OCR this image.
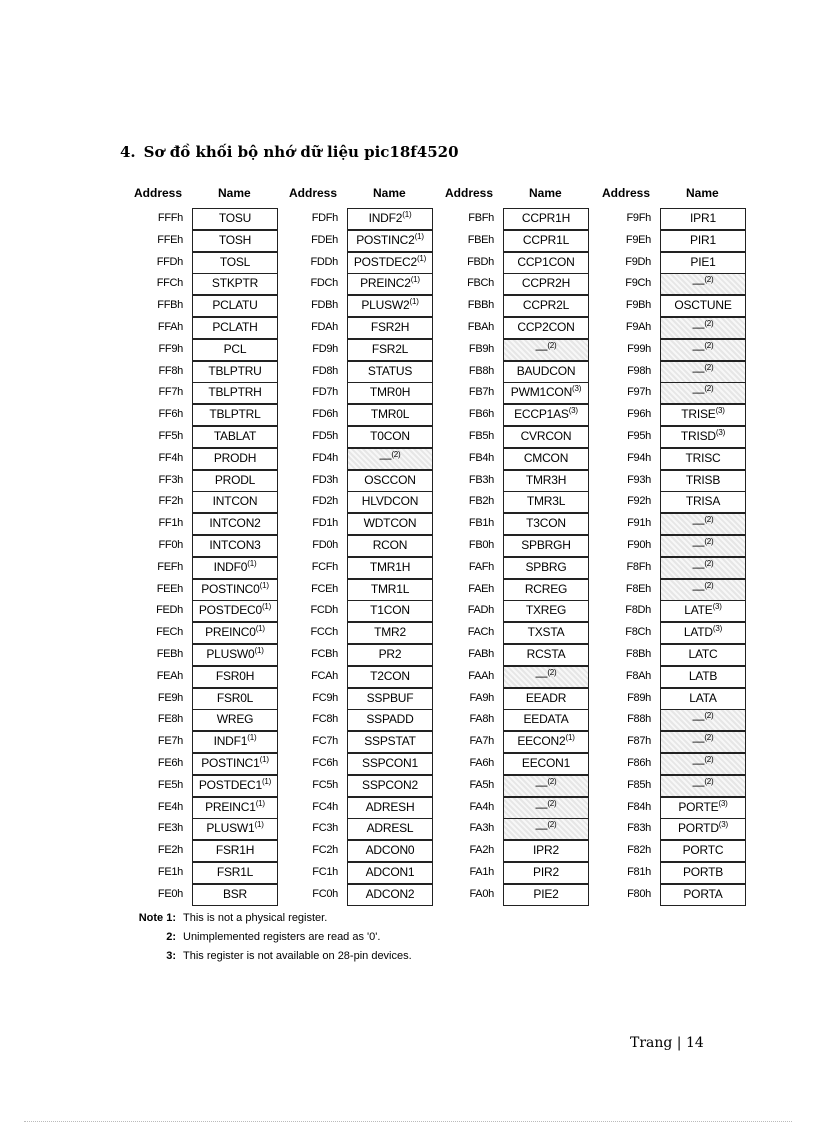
4. Sơ đồ khối bộ nhớ dữ liệu pic18f4520
Address	Name
FFFh	TOSU
FFEh	TOSH
FFDh	TOSL
FFCh	STKPTR
FFBh	PCLATU
FFAh	PCLATH
FF9h	PCL
FF8h	TBLPTRU
FF7h	TBLPTRH
FF6h	TBLPTRL
FF5h	TABLAT
FF4h	PRODH
FF3h	PRODL
FF2h	INTCON
FF1h	INTCON2
FF0h	INTCON3
FEFh	INDF0$^{(1)}$
FEEh	POSTINC0$^{(1)}$
FEDh	POSTDEC0$^{(1)}$
FECh	PREINC0$^{(1)}$
FEBh	PLUSW0$^{(1)}$
FEAh	FSR0H
FE9h	FSR0L
FE8h	WREG
FE7h	INDF1$^{(1)}$
FE6h	POSTINC1$^{(1)}$
FE5h	POSTDEC1$^{(1)}$
FE4h	PREINC1$^{(1)}$
FE3h	PLUSW1$^{(1)}$
FE2h	FSR1H
FE1h	FSR1L
FE0h	BSR
Address	Name
FDFh	INDF2$^{(1)}$
FDEh	POSTINC2$^{(1)}$
FDDh	POSTDEC2$^{(1)}$
FDCh	PREINC2$^{(1)}$
FDBh	PLUSW2$^{(1)}$
FDAh	FSR2H
FD9h	FSR2L
FD8h	STATUS
FD7h	TMR0H
FD6h	TMR0L
FD5h	T0CON
FD4h	—$^{(2)}$
FD3h	OSCCON
FD2h	HLVDCON
FD1h	WDTCON
FD0h	RCON
FCFh	TMR1H
FCEh	TMR1L
FCDh	T1CON
FCCh	TMR2
FCBh	PR2
FCAh	T2CON
FC9h	SSPBUF
FC8h	SSPADD
FC7h	SSPSTAT
FC6h	SSPCON1
FC5h	SSPCON2
FC4h	ADRESH
FC3h	ADRESL
FC2h	ADCON0
FC1h	ADCON1
FC0h	ADCON2
Address	Name
FBFh	CCPR1H
FBEh	CCPR1L
FBDh	CCP1CON
FBCh	CCPR2H
FBBh	CCPR2L
FBAh	CCP2CON
FB9h	—$^{(2)}$
FB8h	BAUDCON
FB7h	PWM1CON$^{(3)}$
FB6h	ECCP1AS$^{(3)}$
FB5h	CVRCON
FB4h	CMCON
FB3h	TMR3H
FB2h	TMR3L
FB1h	T3CON
FB0h	SPBRGH
FAFh	SPBRG
FAEh	RCREG
FADh	TXREG
FACh	TXSTA
FABh	RCSTA
FAAh	—$^{(2)}$
FA9h	EEADR
FA8h	EEDATA
FA7h	EECON2$^{(1)}$
FA6h	EECON1
FA5h	—$^{(2)}$
FA4h	—$^{(2)}$
FA3h	—$^{(2)}$
FA2h	IPR2
FA1h	PIR2
FA0h	PIE2
Address	Name
F9Fh	IPR1
F9Eh	PIR1
F9Dh	PIE1
F9Ch	—$^{(2)}$
F9Bh	OSCTUNE
F9Ah	—$^{(2)}$
F99h	—$^{(2)}$
F98h	—$^{(2)}$
F97h	—$^{(2)}$
F96h	TRISE$^{(3)}$
F95h	TRISD$^{(3)}$
F94h	TRISC
F93h	TRISB
F92h	TRISA
F91h	—$^{(2)}$
F90h	—$^{(2)}$
F8Fh	—$^{(2)}$
F8Eh	—$^{(2)}$
F8Dh	LATE$^{(3)}$
F8Ch	LATD$^{(3)}$
F8Bh	LATC
F8Ah	LATB
F89h	LATA
F88h	—$^{(2)}$
F87h	—$^{(2)}$
F86h	—$^{(2)}$
F85h	—$^{(2)}$
F84h	PORTE$^{(3)}$
F83h	PORTD$^{(3)}$
F82h	PORTC
F81h	PORTB
F80h	PORTA
Note 1: This is not a physical register.
2: Unimplemented registers are read as '0'.
3: This register is not available on 28-pin devices.
Trang | 14
